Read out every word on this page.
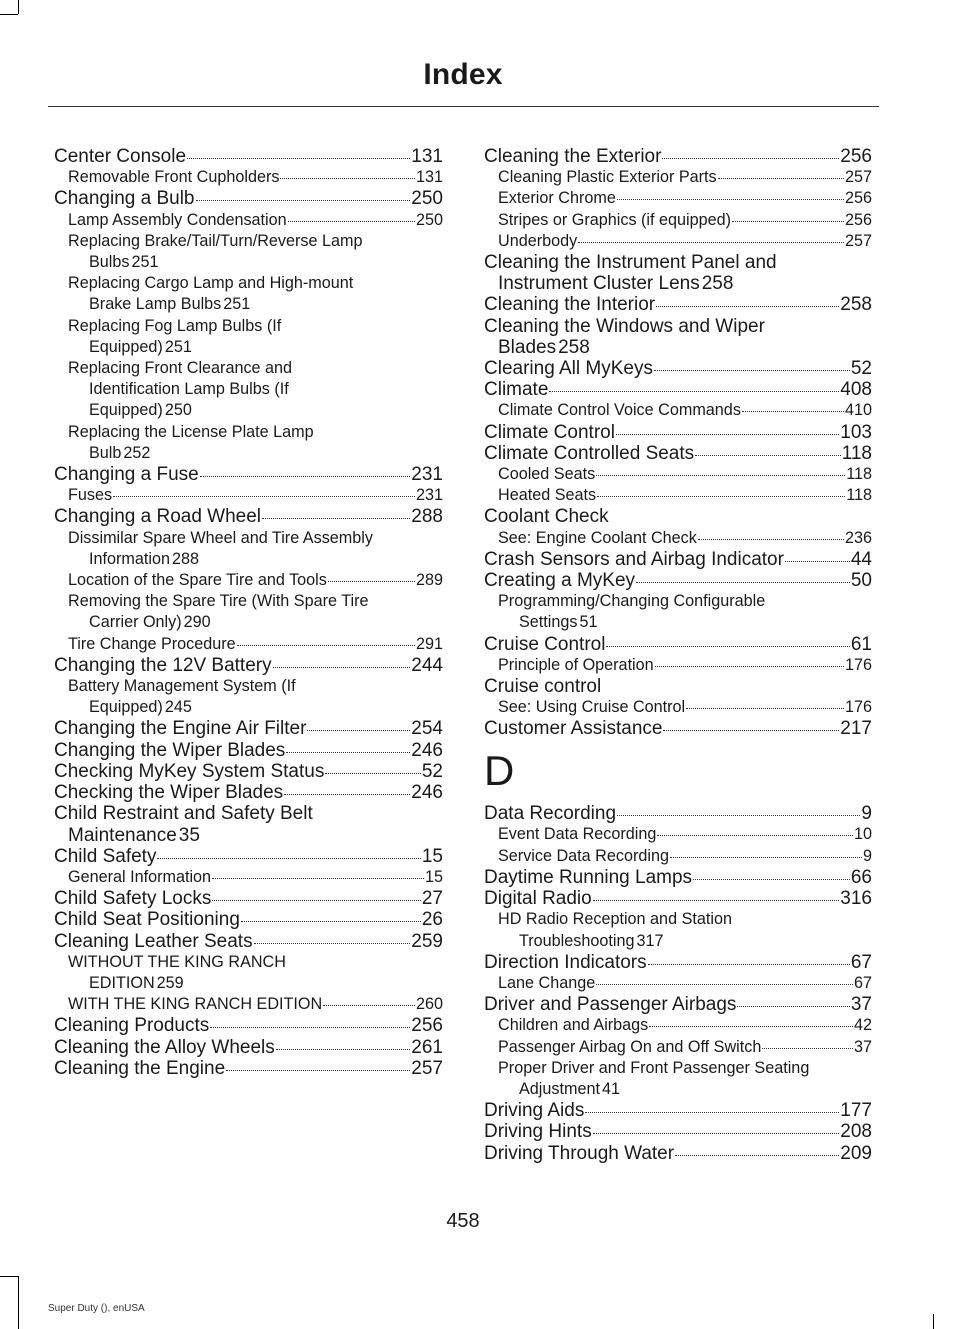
Index
Center Console	131
Removable Front Cupholders	131
Changing a Bulb	250
Lamp Assembly Condensation	250
Replacing Brake/Tail/Turn/Reverse Lamp
Bulbs 251
Replacing Cargo Lamp and High-mount
Brake Lamp Bulbs 251
Replacing Fog Lamp Bulbs (If
Equipped) 251
Replacing Front Clearance and
Identification Lamp Bulbs (If
Equipped) 250
Replacing the License Plate Lamp
Bulb 252
Changing a Fuse	231
Fuses	231
Changing a Road Wheel	288
Dissimilar Spare Wheel and Tire Assembly
Information 288
Location of the Spare Tire and Tools	289
Removing the Spare Tire (With Spare Tire
Carrier Only) 290
Tire Change Procedure	291
Changing the 12V Battery	244
Battery Management System (If
Equipped) 245
Changing the Engine Air Filter	254
Changing the Wiper Blades	246
Checking MyKey System Status	52
Checking the Wiper Blades	246
Child Restraint and Safety Belt
Maintenance 35
Child Safety	15
General Information	15
Child Safety Locks	27
Child Seat Positioning	26
Cleaning Leather Seats	259
WITHOUT THE KING RANCH
EDITION 259
WITH THE KING RANCH EDITION	260
Cleaning Products	256
Cleaning the Alloy Wheels	261
Cleaning the Engine	257
Cleaning the Exterior	256
Cleaning Plastic Exterior Parts	257
Exterior Chrome	256
Stripes or Graphics (if equipped)	256
Underbody	257
Cleaning the Instrument Panel and
Instrument Cluster Lens 258
Cleaning the Interior	258
Cleaning the Windows and Wiper
Blades 258
Clearing All MyKeys	52
Climate	408
Climate Control Voice Commands	410
Climate Control	103
Climate Controlled Seats	118
Cooled Seats	118
Heated Seats	118
Coolant Check
See: Engine Coolant Check	236
Crash Sensors and Airbag Indicator	44
Creating a MyKey	50
Programming/Changing Configurable
Settings 51
Cruise Control	61
Principle of Operation	176
Cruise control
See: Using Cruise Control	176
Customer Assistance	217
D
Data Recording	9
Event Data Recording	10
Service Data Recording	9
Daytime Running Lamps	66
Digital Radio	316
HD Radio Reception and Station
Troubleshooting 317
Direction Indicators	67
Lane Change	67
Driver and Passenger Airbags	37
Children and Airbags	42
Passenger Airbag On and Off Switch	37
Proper Driver and Front Passenger Seating
Adjustment 41
Driving Aids	177
Driving Hints	208
Driving Through Water	209
458
Super Duty (), enUSA
